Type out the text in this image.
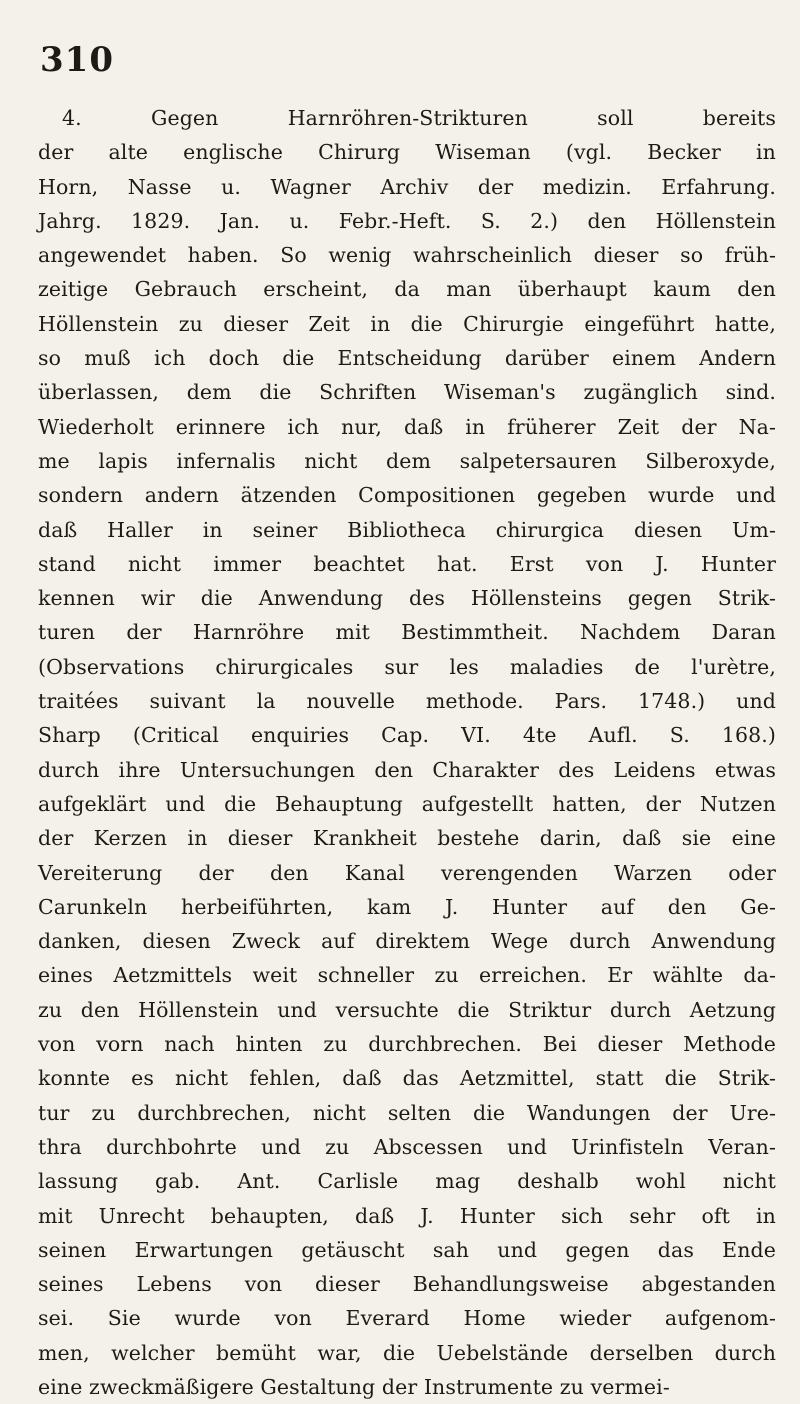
310
4. Gegen Harnröhren-Strikturen soll bereits
der alte englische Chirurg Wiseman (vgl. Becker in
Horn, Nasse u. Wagner Archiv der medizin. Erfahrung.
Jahrg. 1829. Jan. u. Febr.-Heft. S. 2.) den Höllenstein
angewendet haben. So wenig wahrscheinlich dieser so früh-
zeitige Gebrauch erscheint, da man überhaupt kaum den
Höllenstein zu dieser Zeit in die Chirurgie eingeführt hatte,
so muß ich doch die Entscheidung darüber einem Andern
überlassen, dem die Schriften Wiseman's zugänglich sind.
Wiederholt erinnere ich nur, daß in früherer Zeit der Na-
me lapis infernalis nicht dem salpetersauren Silberoxyde,
sondern andern ätzenden Compositionen gegeben wurde und
daß Haller in seiner Bibliotheca chirurgica diesen Um-
stand nicht immer beachtet hat. Erst von J. Hunter
kennen wir die Anwendung des Höllensteins gegen Strik-
turen der Harnröhre mit Bestimmtheit. Nachdem Daran
(Observations chirurgicales sur les maladies de l'urètre,
traitées suivant la nouvelle methode. Pars. 1748.) und
Sharp (Critical enquiries Cap. VI. 4te Aufl. S. 168.)
durch ihre Untersuchungen den Charakter des Leidens etwas
aufgeklärt und die Behauptung aufgestellt hatten, der Nutzen
der Kerzen in dieser Krankheit bestehe darin, daß sie eine
Vereiterung der den Kanal verengenden Warzen oder
Carunkeln herbeiführten, kam J. Hunter auf den Ge-
danken, diesen Zweck auf direktem Wege durch Anwendung
eines Aetzmittels weit schneller zu erreichen. Er wählte da-
zu den Höllenstein und versuchte die Striktur durch Aetzung
von vorn nach hinten zu durchbrechen. Bei dieser Methode
konnte es nicht fehlen, daß das Aetzmittel, statt die Strik-
tur zu durchbrechen, nicht selten die Wandungen der Ure-
thra durchbohrte und zu Abscessen und Urinfisteln Veran-
lassung gab. Ant. Carlisle mag deshalb wohl nicht
mit Unrecht behaupten, daß J. Hunter sich sehr oft in
seinen Erwartungen getäuscht sah und gegen das Ende
seines Lebens von dieser Behandlungsweise abgestanden
sei. Sie wurde von Everard Home wieder aufgenom-
men, welcher bemüht war, die Uebelstände derselben durch
eine zweckmäßigere Gestaltung der Instrumente zu vermei-
